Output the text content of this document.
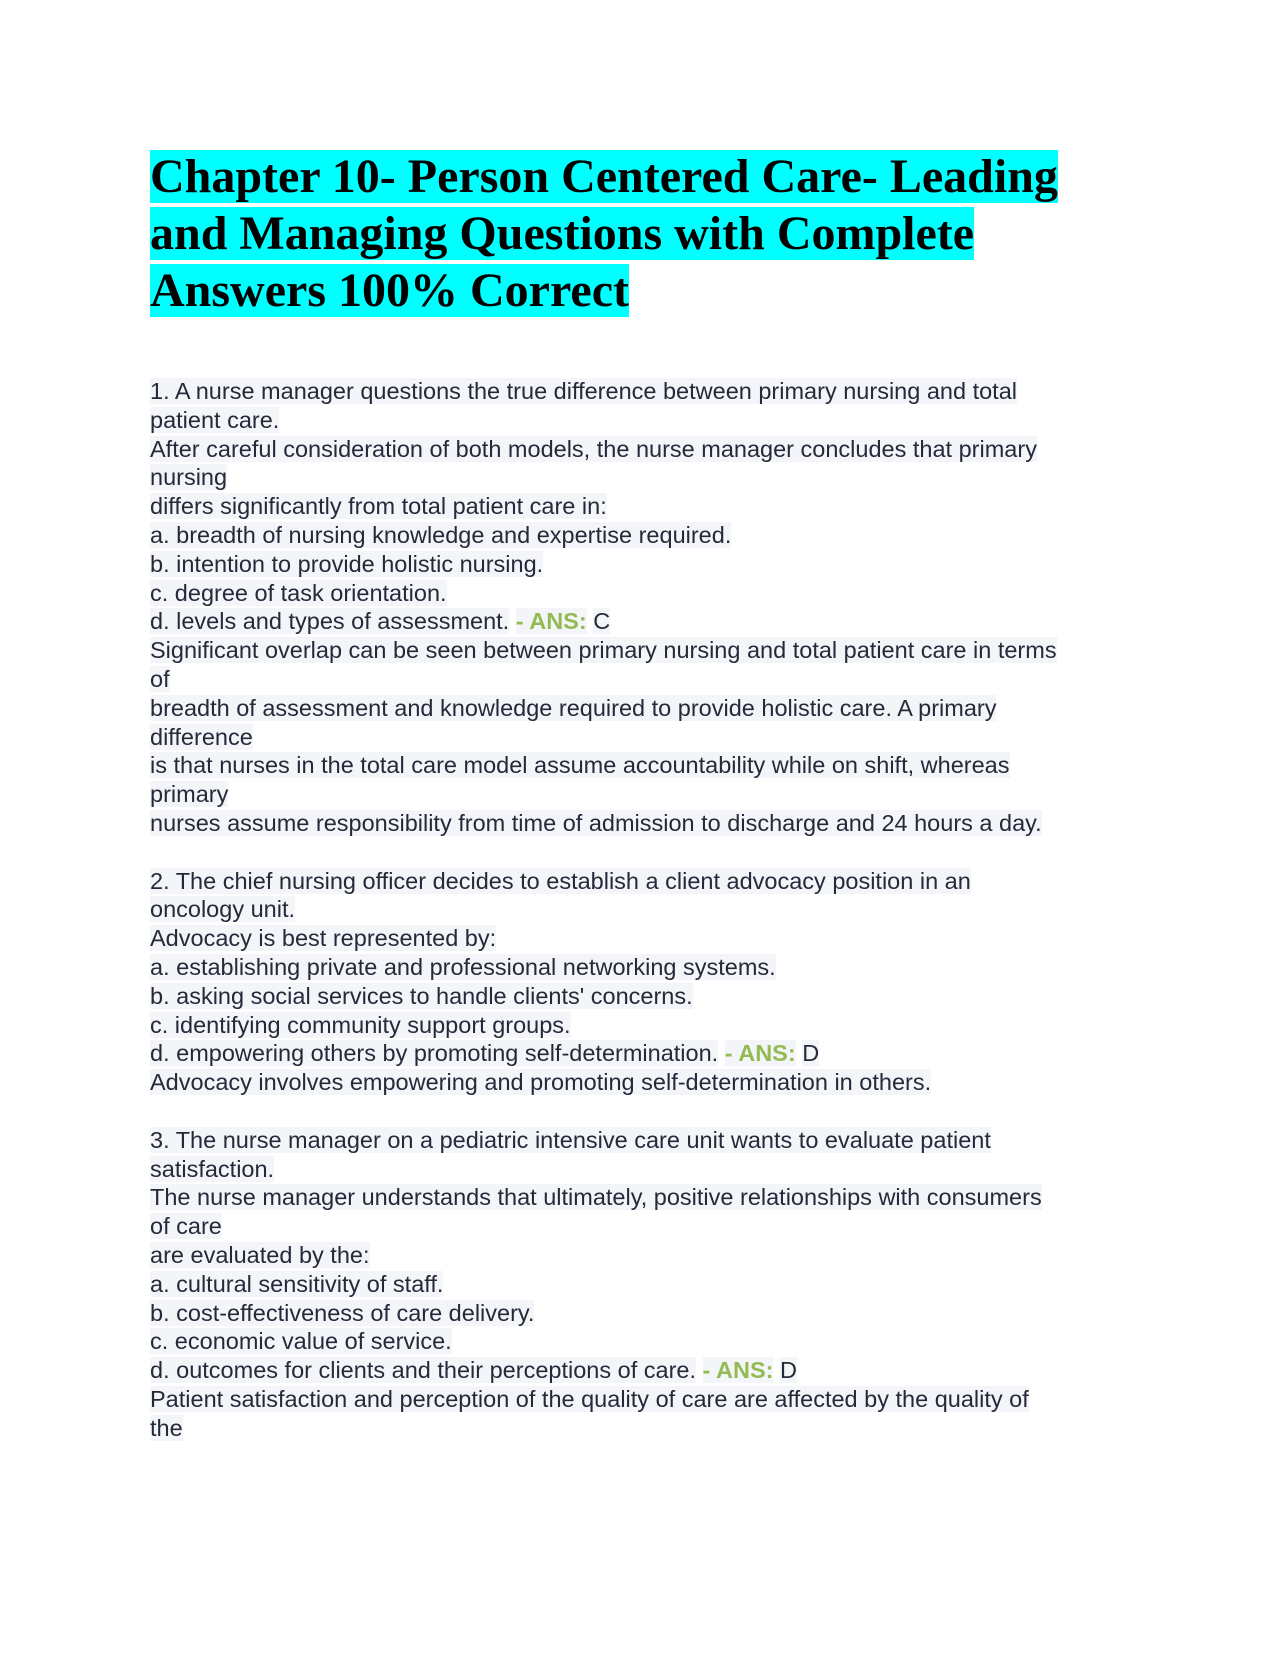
Chapter 10- Person Centered Care- Leading
and Managing Questions with Complete
Answers 100% Correct
1. A nurse manager questions the true difference between primary nursing and total
patient care.
After careful consideration of both models, the nurse manager concludes that primary
nursing
differs significantly from total patient care in:
a. breadth of nursing knowledge and expertise required.
b. intention to provide holistic nursing.
c. degree of task orientation.
d. levels and types of assessment. - ANS: C
Significant overlap can be seen between primary nursing and total patient care in terms
of
breadth of assessment and knowledge required to provide holistic care. A primary
difference
is that nurses in the total care model assume accountability while on shift, whereas
primary
nurses assume responsibility from time of admission to discharge and 24 hours a day.
2. The chief nursing officer decides to establish a client advocacy position in an
oncology unit.
Advocacy is best represented by:
a. establishing private and professional networking systems.
b. asking social services to handle clients' concerns.
c. identifying community support groups.
d. empowering others by promoting self-determination. - ANS: D
Advocacy involves empowering and promoting self-determination in others.
3. The nurse manager on a pediatric intensive care unit wants to evaluate patient
satisfaction.
The nurse manager understands that ultimately, positive relationships with consumers
of care
are evaluated by the:
a. cultural sensitivity of staff.
b. cost-effectiveness of care delivery.
c. economic value of service.
d. outcomes for clients and their perceptions of care. - ANS: D
Patient satisfaction and perception of the quality of care are affected by the quality of
the
